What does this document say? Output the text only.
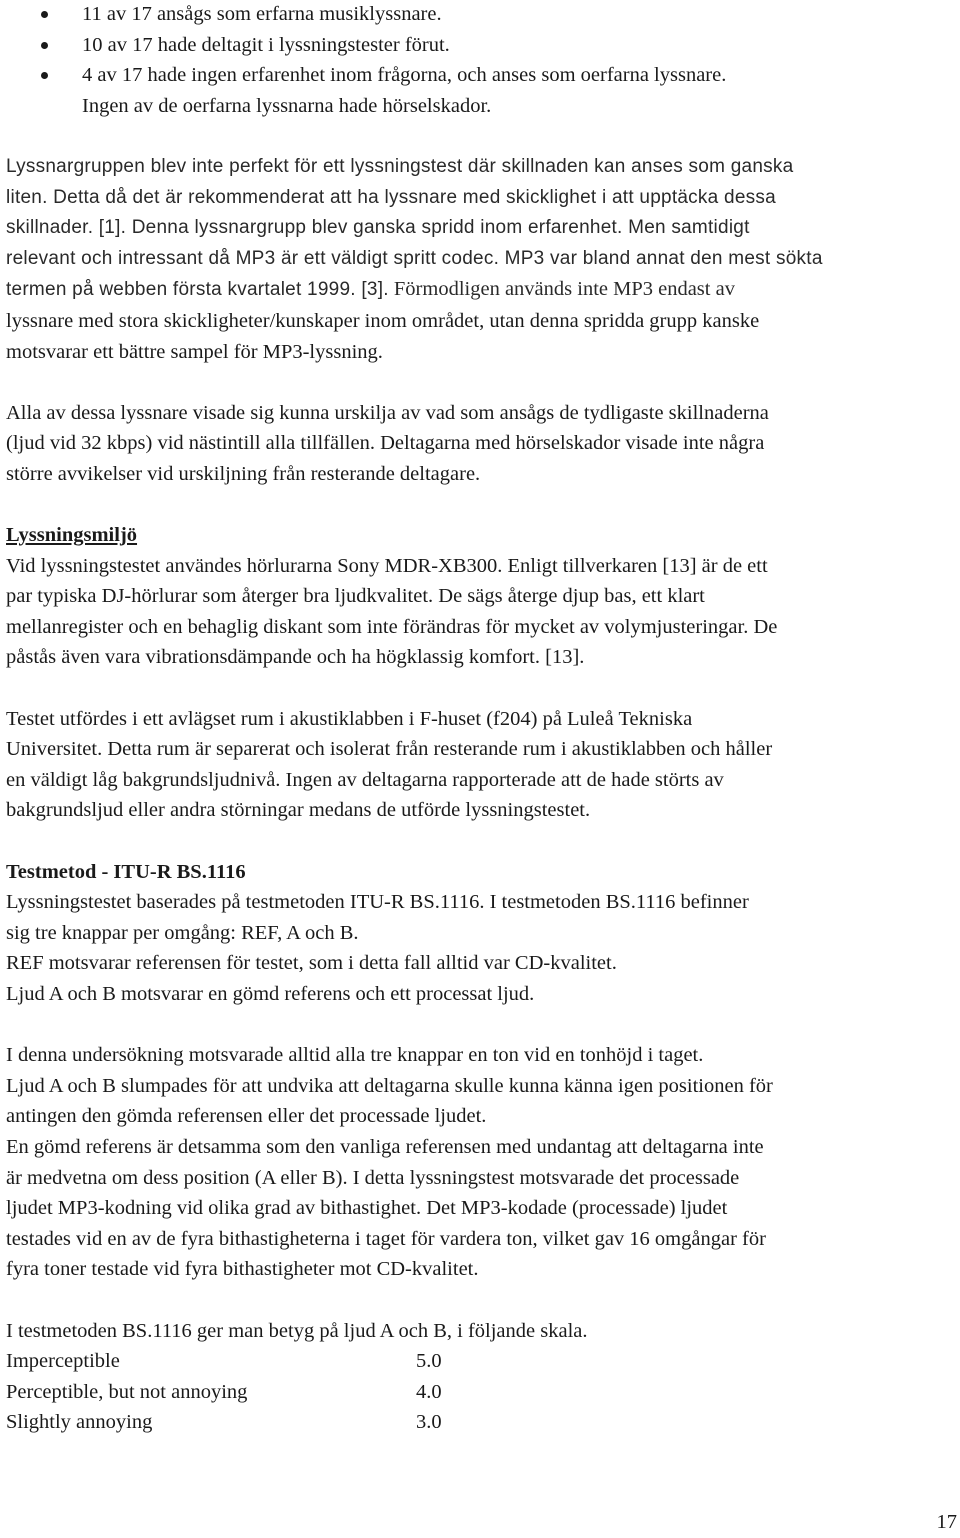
11 av 17 ansågs som erfarna musiklyssnare.
10 av 17 hade deltagit i lyssningstester förut.
4 av 17 hade ingen erfarenhet inom frågorna, och anses som oerfarna lyssnare.
Ingen av de oerfarna lyssnarna hade hörselskador.

Lyssnargruppen blev inte perfekt för ett lyssningstest där skillnaden kan anses som ganska
liten. Detta då det är rekommenderat att ha lyssnare med skicklighet i att upptäcka dessa
skillnader. [1]. Denna lyssnargrupp blev ganska spridd inom erfarenhet. Men samtidigt
relevant och intressant då MP3 är ett väldigt spritt codec. MP3 var bland annat den mest sökta
termen på webben första kvartalet 1999. [3]. Förmodligen används inte MP3 endast av

lyssnare med stora skickligheter/kunskaper inom området, utan denna spridda grupp kanske
motsvarar ett bättre sampel för MP3-lyssning.

Alla av dessa lyssnare visade sig kunna urskilja av vad som ansågs de tydligaste skillnaderna
(ljud vid 32 kbps) vid nästintill alla tillfällen. Deltagarna med hörselskador visade inte några
större avvikelser vid urskiljning från resterande deltagare.

Lyssningsmiljö

Vid lyssningstestet användes hörlurarna Sony MDR-XB300. Enligt tillverkaren [13] är de ett
par typiska DJ-hörlurar som återger bra ljudkvalitet. De sägs återge djup bas, ett klart
mellanregister och en behaglig diskant som inte förändras för mycket av volymjusteringar. De
påstås även vara vibrationsdämpande och ha högklassig komfort. [13].

Testet utfördes i ett avlägset rum i akustiklabben i F-huset (f204) på Luleå Tekniska
Universitet. Detta rum är separerat och isolerat från resterande rum i akustiklabben och håller
en väldigt låg bakgrundsljudnivå. Ingen av deltagarna rapporterade att de hade störts av
bakgrundsljud eller andra störningar medans de utförde lyssningstestet.

Testmetod - ITU-R BS.1116

Lyssningstestet baserades på testmetoden ITU-R BS.1116. I testmetoden BS.1116 befinner
sig tre knappar per omgång: REF, A och B.
REF motsvarar referensen för testet, som i detta fall alltid var CD-kvalitet.
Ljud A och B motsvarar en gömd referens och ett processat ljud.

I denna undersökning motsvarade alltid alla tre knappar en ton vid en tonhöjd i taget.
Ljud A och B slumpades för att undvika att deltagarna skulle kunna känna igen positionen för
antingen den gömda referensen eller det processade ljudet.
En gömd referens är detsamma som den vanliga referensen med undantag att deltagarna inte
är medvetna om dess position (A eller B). I detta lyssningstest motsvarade det processade
ljudet MP3-kodning vid olika grad av bithastighet. Det MP3-kodade (processade) ljudet
testades vid en av de fyra bithastigheterna i taget för vardera ton, vilket gav 16 omgångar för
fyra toner testade vid fyra bithastigheter mot CD-kvalitet.

I testmetoden BS.1116 ger man betyg på ljud A och B, i följande skala.

Imperceptible	5.0
Perceptible, but not annoying	4.0
Slightly annoying	3.0
17
